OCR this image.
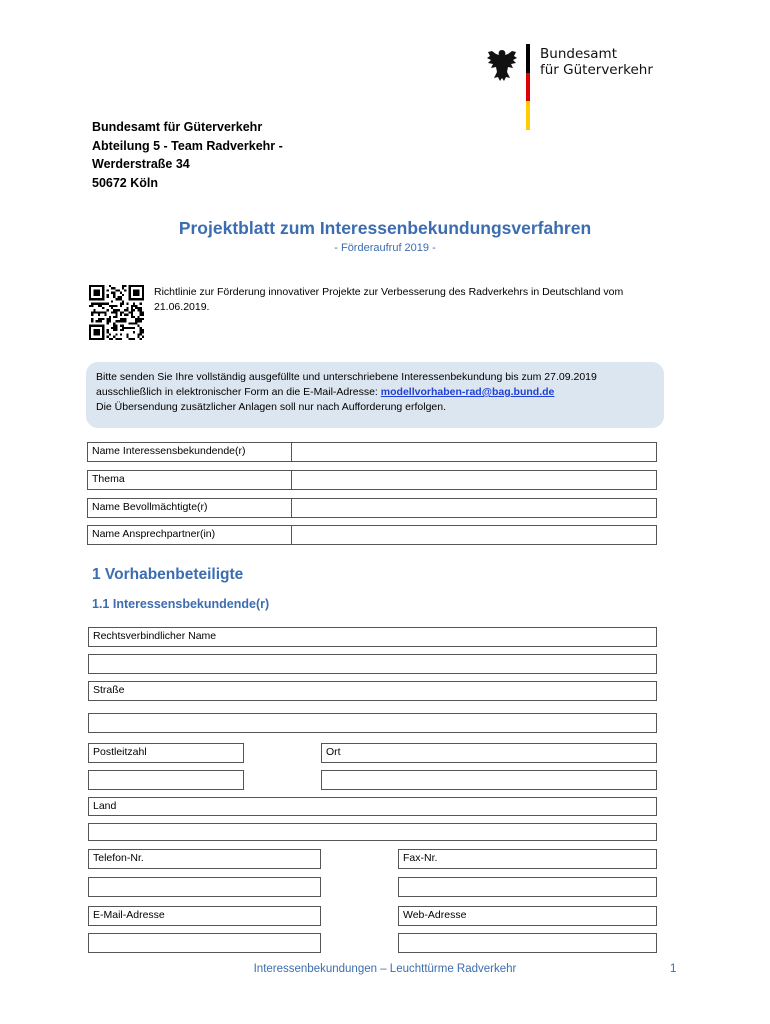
Bundesamt
für Güterverkehr
Bundesamt für Güterverkehr
Abteilung 5 - Team Radverkehr -
Werderstraße 34
50672 Köln
Projektblatt zum Interessenbekundungsverfahren
- Förderaufruf 2019 -
Richtlinie zur Förderung innovativer Projekte zur Verbesserung des Radverkehrs in Deutschland vom 21.06.2019.
Bitte senden Sie Ihre vollständig ausgefüllte und unterschriebene Interessenbekundung bis zum 27.09.2019
ausschließlich in elektronischer Form an die E-Mail-Adresse: modellvorhaben-rad@bag.bund.de
Die Übersendung zusätzlicher Anlagen soll nur nach Aufforderung erfolgen.
Name Interessensbekundende(r)
Thema
Name Bevollmächtigte(r)
Name Ansprechpartner(in)
1 Vorhabenbeteiligte
1.1 Interessensbekundende(r)
Rechtsverbindlicher Name
Straße
Postleitzahl	Ort
Land
Telefon-Nr.	Fax-Nr.
E-Mail-Adresse	Web-Adresse
Interessenbekundungen – Leuchttürme Radverkehr	1
